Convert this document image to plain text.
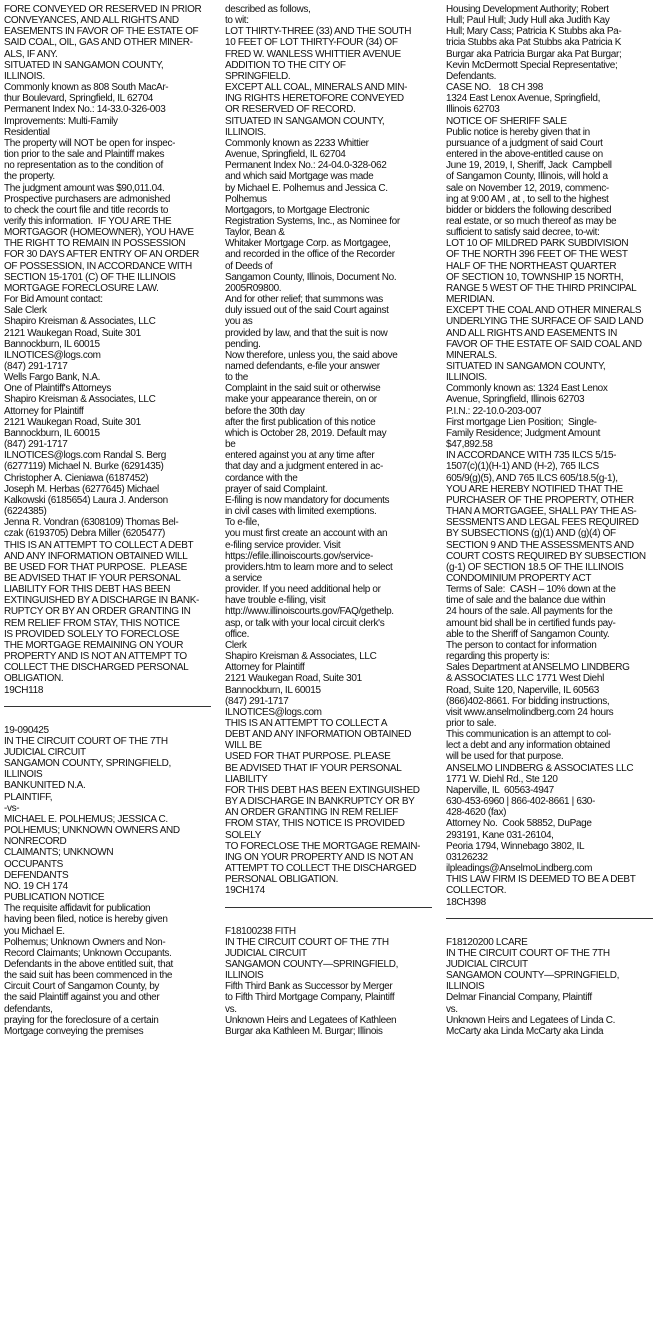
FORE CONVEYED OR RESERVED IN PRIOR
CONVEYANCES, AND ALL RIGHTS AND
EASEMENTS IN FAVOR OF THE ESTATE OF
SAID COAL, OIL, GAS AND OTHER MINER-
ALS, IF ANY.
SITUATED IN SANGAMON COUNTY,
ILLINOIS.
Commonly known as 808 South MacAr-
thur Boulevard, Springfield, IL 62704
Permanent Index No.: 14-33.0-326-003
Improvements: Multi-Family
Residential
The property will NOT be open for inspec-
tion prior to the sale and Plaintiff makes
no representation as to the condition of
the property.
The judgment amount was $90,011.04.
Prospective purchasers are admonished
to check the court file and title records to
verify this information.  IF YOU ARE THE
MORTGAGOR (HOMEOWNER), YOU HAVE
THE RIGHT TO REMAIN IN POSSESSION
FOR 30 DAYS AFTER ENTRY OF AN ORDER
OF POSSESSION, IN ACCORDANCE WITH
SECTION 15-1701 (C) OF THE ILLINOIS
MORTGAGE FORECLOSURE LAW.
For Bid Amount contact:
Sale Clerk
Shapiro Kreisman & Associates, LLC
2121 Waukegan Road, Suite 301
Bannockburn, IL 60015
ILNOTICES@logs.com
(847) 291-1717
Wells Fargo Bank, N.A.
One of Plaintiff's Attorneys
Shapiro Kreisman & Associates, LLC
Attorney for Plaintiff
2121 Waukegan Road, Suite 301
Bannockburn, IL 60015
(847) 291-1717
ILNOTICES@logs.com Randal S. Berg
(6277119) Michael N. Burke (6291435)
Christopher A. Cieniawa (6187452)
Joseph M. Herbas (6277645) Michael
Kalkowski (6185654) Laura J. Anderson
(6224385)
Jenna R. Vondran (6308109) Thomas Bel-
czak (6193705) Debra Miller (6205477)
THIS IS AN ATTEMPT TO COLLECT A DEBT
AND ANY INFORMATION OBTAINED WILL
BE USED FOR THAT PURPOSE.  PLEASE
BE ADVISED THAT IF YOUR PERSONAL
LIABILITY FOR THIS DEBT HAS BEEN
EXTINGUISHED BY A DISCHARGE IN BANK-
RUPTCY OR BY AN ORDER GRANTING IN
REM RELIEF FROM STAY, THIS NOTICE
IS PROVIDED SOLELY TO FORECLOSE
THE MORTGAGE REMAINING ON YOUR
PROPERTY AND IS NOT AN ATTEMPT TO
COLLECT THE DISCHARGED PERSONAL
OBLIGATION.
19CH118
19-090425
IN THE CIRCUIT COURT OF THE 7TH
JUDICIAL CIRCUIT
SANGAMON COUNTY, SPRINGFIELD,
ILLINOIS
BANKUNITED N.A.
PLAINTIFF,
-vs-
MICHAEL E. POLHEMUS; JESSICA C.
POLHEMUS; UNKNOWN OWNERS AND
NONRECORD
CLAIMANTS; UNKNOWN
OCCUPANTS
DEFENDANTS
NO. 19 CH 174
PUBLICATION NOTICE
The requisite affidavit for publication
having been filed, notice is hereby given
you Michael E.
Polhemus; Unknown Owners and Non-
Record Claimants; Unknown Occupants.
Defendants in the above entitled suit, that
the said suit has been commenced in the
Circuit Court of Sangamon County, by
the said Plaintiff against you and other
defendants,
praying for the foreclosure of a certain
Mortgage conveying the premises
described as follows,
to wit:
LOT THIRTY-THREE (33) AND THE SOUTH
10 FEET OF LOT THIRTY-FOUR (34) OF
FRED W. WANLESS WHITTIER AVENUE
ADDITION TO THE CITY OF
SPRINGFIELD.
EXCEPT ALL COAL, MINERALS AND MIN-
ING RIGHTS HERETOFORE CONVEYED
OR RESERVED OF RECORD.
SITUATED IN SANGAMON COUNTY,
ILLINOIS.
Commonly known as 2233 Whittier
Avenue, Springfield, IL 62704
Permanent Index No.: 24-04.0-328-062
and which said Mortgage was made
by Michael E. Polhemus and Jessica C.
Polhemus
Mortgagors, to Mortgage Electronic
Registration Systems, Inc., as Nominee for
Taylor, Bean &
Whitaker Mortgage Corp. as Mortgagee,
and recorded in the office of the Recorder
of Deeds of
Sangamon County, Illinois, Document No.
2005R09800.
And for other relief; that summons was
duly issued out of the said Court against
you as
provided by law, and that the suit is now
pending.
Now therefore, unless you, the said above
named defendants, e-file your answer
to the
Complaint in the said suit or otherwise
make your appearance therein, on or
before the 30th day
after the first publication of this notice
which is October 28, 2019. Default may
be
entered against you at any time after
that day and a judgment entered in ac-
cordance with the
prayer of said Complaint.
E-filing is now mandatory for documents
in civil cases with limited exemptions.
To e-file,
you must first create an account with an
e-filing service provider. Visit
https://efile.illinoiscourts.gov/service-
providers.htm to learn more and to select
a service
provider. If you need additional help or
have trouble e-filing, visit
http://www.illinoiscourts.gov/FAQ/gethelp.
asp, or talk with your local circuit clerk's
office.
Clerk
Shapiro Kreisman & Associates, LLC
Attorney for Plaintiff
2121 Waukegan Road, Suite 301
Bannockburn, IL 60015
(847) 291-1717
ILNOTICES@logs.com
THIS IS AN ATTEMPT TO COLLECT A
DEBT AND ANY INFORMATION OBTAINED
WILL BE
USED FOR THAT PURPOSE. PLEASE
BE ADVISED THAT IF YOUR PERSONAL
LIABILITY
FOR THIS DEBT HAS BEEN EXTINGUISHED
BY A DISCHARGE IN BANKRUPTCY OR BY
AN ORDER GRANTING IN REM RELIEF
FROM STAY, THIS NOTICE IS PROVIDED
SOLELY
TO FORECLOSE THE MORTGAGE REMAIN-
ING ON YOUR PROPERTY AND IS NOT AN
ATTEMPT TO COLLECT THE DISCHARGED
PERSONAL OBLIGATION.
19CH174
F18100238 FITH
IN THE CIRCUIT COURT OF THE 7TH
JUDICIAL CIRCUIT
SANGAMON COUNTY—SPRINGFIELD,
ILLINOIS
Fifth Third Bank as Successor by Merger
to Fifth Third Mortgage Company, Plaintiff
vs.
Unknown Heirs and Legatees of Kathleen
Burgar aka Kathleen M. Burgar; Illinois
Housing Development Authority; Robert
Hull; Paul Hull; Judy Hull aka Judith Kay
Hull; Mary Cass; Patricia K Stubbs aka Pa-
tricia Stubbs aka Pat Stubbs aka Patricia K
Burgar aka Patricia Burgar aka Pat Burgar;
Kevin McDermott Special Representative;
Defendants.
CASE NO.   18 CH 398
1324 East Lenox Avenue, Springfield,
Illinois 62703
NOTICE OF SHERIFF SALE
Public notice is hereby given that in
pursuance of a judgment of said Court
entered in the above-entitled cause on
June 19, 2019, I, Sheriff, Jack  Campbell
of Sangamon County, Illinois, will hold a
sale on November 12, 2019, commenc-
ing at 9:00 AM , at , to sell to the highest
bidder or bidders the following described
real estate, or so much thereof as may be
sufficient to satisfy said decree, to-wit:
LOT 10 OF MILDRED PARK SUBDIVISION
OF THE NORTH 396 FEET OF THE WEST
HALF OF THE NORTHEAST QUARTER
OF SECTION 10, TOWNSHIP 15 NORTH,
RANGE 5 WEST OF THE THIRD PRINCIPAL
MERIDIAN.
EXCEPT THE COAL AND OTHER MINERALS
UNDERLYING THE SURFACE OF SAID LAND
AND ALL RIGHTS AND EASEMENTS IN
FAVOR OF THE ESTATE OF SAID COAL AND
MINERALS.
SITUATED IN SANGAMON COUNTY,
ILLINOIS.
Commonly known as: 1324 East Lenox
Avenue, Springfield, Illinois 62703
P.I.N.: 22-10.0-203-007
First mortgage Lien Position;  Single-
Family Residence; Judgment Amount
$47,892.58
IN ACCORDANCE WITH 735 ILCS 5/15-
1507(c)(1)(H-1) AND (H-2), 765 ILCS
605/9(g)(5), AND 765 ILCS 605/18.5(g-1),
YOU ARE HEREBY NOTIFIED THAT THE
PURCHASER OF THE PROPERTY, OTHER
THAN A MORTGAGEE, SHALL PAY THE AS-
SESSMENTS AND LEGAL FEES REQUIRED
BY SUBSECTIONS (g)(1) AND (g)(4) OF
SECTION 9 AND THE ASSESSMENTS AND
COURT COSTS REQUIRED BY SUBSECTION
(g-1) OF SECTION 18.5 OF THE ILLINOIS
CONDOMINIUM PROPERTY ACT
Terms of Sale:  CASH – 10% down at the
time of sale and the balance due within
24 hours of the sale. All payments for the
amount bid shall be in certified funds pay-
able to the Sheriff of Sangamon County.
The person to contact for information
regarding this property is:
Sales Department at ANSELMO LINDBERG
& ASSOCIATES LLC 1771 West Diehl
Road, Suite 120, Naperville, IL 60563
(866)402-8661. For bidding instructions,
visit www.anselmolindberg.com 24 hours
prior to sale.
This communication is an attempt to col-
lect a debt and any information obtained
will be used for that purpose.
ANSELMO LINDBERG & ASSOCIATES LLC
1771 W. Diehl Rd., Ste 120
Naperville, IL  60563-4947
630-453-6960 | 866-402-8661 | 630-
428-4620 (fax)
Attorney No.  Cook 58852, DuPage
293191, Kane 031-26104,
Peoria 1794, Winnebago 3802, IL
03126232
ilpleadings@AnselmoLindberg.com
THIS LAW FIRM IS DEEMED TO BE A DEBT
COLLECTOR.
18CH398
F18120200 LCARE
IN THE CIRCUIT COURT OF THE 7TH
JUDICIAL CIRCUIT
SANGAMON COUNTY—SPRINGFIELD,
ILLINOIS
Delmar Financial Company, Plaintiff
vs.
Unknown Heirs and Legatees of Linda C.
McCarty aka Linda McCarty aka Linda
